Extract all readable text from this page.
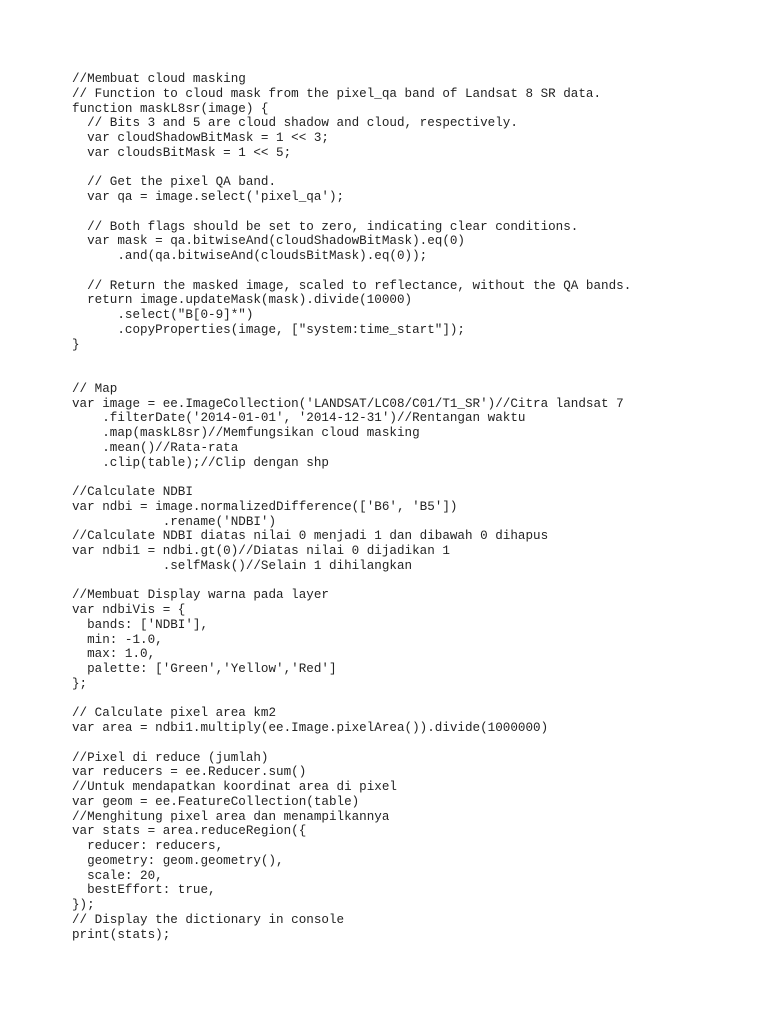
//Membuat cloud masking
// Function to cloud mask from the pixel_qa band of Landsat 8 SR data.
function maskL8sr(image) {
// Bits 3 and 5 are cloud shadow and cloud, respectively.
var cloudShadowBitMask = 1 << 3;
var cloudsBitMask = 1 << 5;

// Get the pixel QA band.
var qa = image.select('pixel_qa');

// Both flags should be set to zero, indicating clear conditions.
var mask = qa.bitwiseAnd(cloudShadowBitMask).eq(0)
.and(qa.bitwiseAnd(cloudsBitMask).eq(0));

// Return the masked image, scaled to reflectance, without the QA bands.
return image.updateMask(mask).divide(10000)
.select("B[0-9]*")
.copyProperties(image, ["system:time_start"]);
}

// Map
var image = ee.ImageCollection('LANDSAT/LC08/C01/T1_SR')//Citra landsat 7
.filterDate('2014-01-01', '2014-12-31')//Rentangan waktu
.map(maskL8sr)//Memfungsikan cloud masking
.mean()//Rata-rata
.clip(table);//Clip dengan shp

//Calculate NDBI
var ndbi = image.normalizedDifference(['B6', 'B5'])
.rename('NDBI')
//Calculate NDBI diatas nilai 0 menjadi 1 dan dibawah 0 dihapus
var ndbi1 = ndbi.gt(0)//Diatas nilai 0 dijadikan 1
.selfMask()//Selain 1 dihilangkan

//Membuat Display warna pada layer
var ndbiVis = {
bands: ['NDBI'],
min: -1.0,
max: 1.0,
palette: ['Green','Yellow','Red']
};

// Calculate pixel area km2
var area = ndbi1.multiply(ee.Image.pixelArea()).divide(1000000)

//Pixel di reduce (jumlah)
var reducers = ee.Reducer.sum()
//Untuk mendapatkan koordinat area di pixel
var geom = ee.FeatureCollection(table)
//Menghitung pixel area dan menampilkannya
var stats = area.reduceRegion({
reducer: reducers,
geometry: geom.geometry(),
scale: 20,
bestEffort: true,
});
// Display the dictionary in console
print(stats);
